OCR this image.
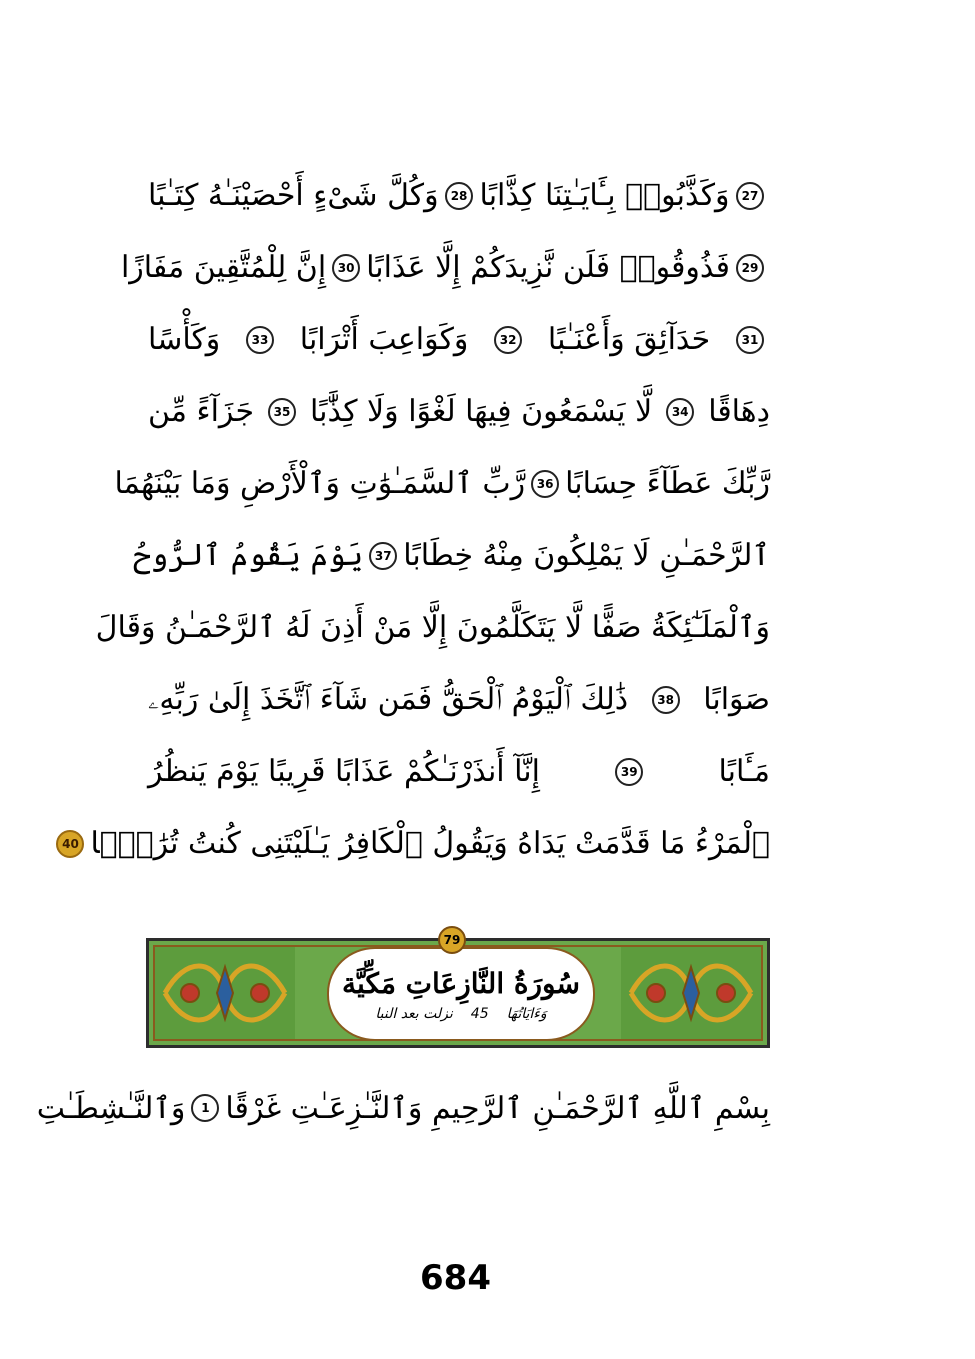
27
وَكَذَّبُوا۟ بِـَٔايَـٰتِنَا كِذَّابًا
28
وَكُلَّ شَىْءٍ أَحْصَيْنَـٰهُ كِتَـٰبًا
29
فَذُوقُوا۟ فَلَن نَّزِيدَكُمْ إِلَّا عَذَابًا
30
إِنَّ لِلْمُتَّقِينَ مَفَازًا
31
حَدَآئِقَ وَأَعْنَـٰبًا
32
وَكَوَاعِبَ أَتْرَابًا
33
وَكَأْسًا
دِهَاقًا
34
لَّا يَسْمَعُونَ فِيهَا لَغْوًا وَلَا كِذَّٰبًا
35
جَزَآءً مِّن
رَّبِّكَ عَطَآءً حِسَابًا
36
رَّبِّ ٱلسَّمَـٰوَٰتِ وَٱلْأَرْضِ وَمَا بَيْنَهُمَا
ٱلرَّحْمَـٰنِ لَا يَمْلِكُونَ مِنْهُ خِطَابًا
37
يَوْمَ يَقُومُ ٱلرُّوحُ
وَٱلْمَلَـٰٓئِكَةُ صَفًّا لَّا يَتَكَلَّمُونَ إِلَّا مَنْ أَذِنَ لَهُ ٱلرَّحْمَـٰنُ وَقَالَ
صَوَابًا
38
ذَٰلِكَ ٱلْيَوْمُ ٱلْحَقُّ فَمَن شَآءَ ٱتَّخَذَ إِلَىٰ رَبِّهِۦ
مَـَٔابًا
39
إِنَّآ أَنذَرْنَـٰكُمْ عَذَابًا قَرِيبًا يَوْمَ يَنظُرُ
ٱلْمَرْءُ مَا قَدَّمَتْ يَدَاهُ وَيَقُولُ ٱلْكَافِرُ يَـٰلَيْتَنِى كُنتُ تُرَٰبًۢا
40
79
سُورَةُ النَّازِعَاتِ مَكِّيَّة
وَءَايَاتُهَا
45
نزلت بعد النبا
بِسْمِ ٱللَّهِ ٱلرَّحْمَـٰنِ ٱلرَّحِيمِ وَٱلنَّـٰزِعَـٰتِ غَرْقًا
1
وَٱلنَّـٰشِطَـٰتِ
684
